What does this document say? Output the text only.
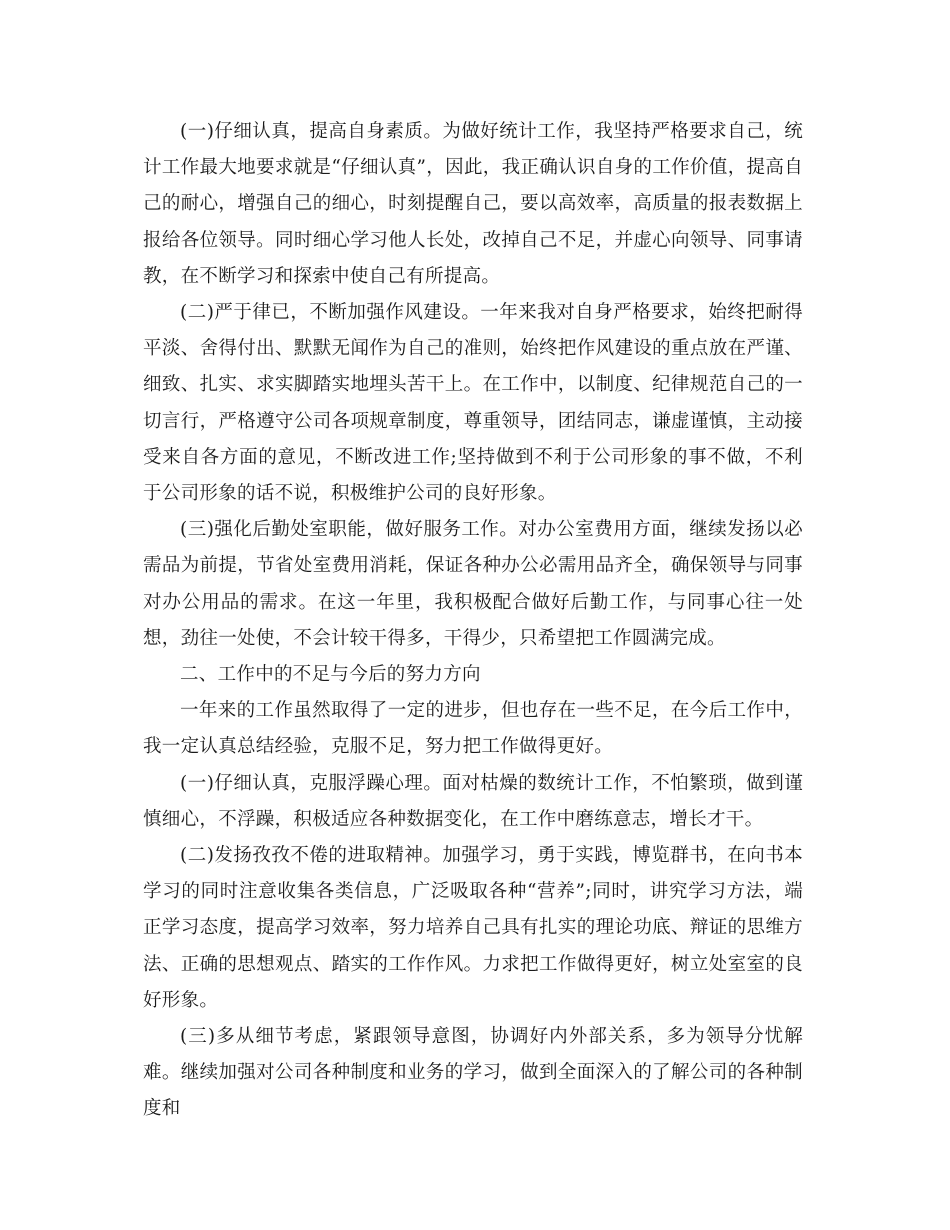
(一)仔细认真，提高自身素质。为做好统计工作，我坚持严格要求自己，统计工作最大地要求就是“仔细认真”，因此，我正确认识自身的工作价值，提高自己的耐心，增强自己的细心，时刻提醒自己，要以高效率，高质量的报表数据上报给各位领导。同时细心学习他人长处，改掉自己不足，并虚心向领导、同事请教，在不断学习和探索中使自己有所提高。

(二)严于律已，不断加强作风建设。一年来我对自身严格要求，始终把耐得平淡、舍得付出、默默无闻作为自己的准则，始终把作风建设的重点放在严谨、细致、扎实、求实脚踏实地埋头苦干上。在工作中，以制度、纪律规范自己的一切言行，严格遵守公司各项规章制度，尊重领导，团结同志，谦虚谨慎，主动接受来自各方面的意见，不断改进工作;坚持做到不利于公司形象的事不做，不利于公司形象的话不说，积极维护公司的良好形象。

(三)强化后勤处室职能，做好服务工作。对办公室费用方面，继续发扬以必需品为前提，节省处室费用消耗，保证各种办公必需用品齐全，确保领导与同事对办公用品的需求。在这一年里，我积极配合做好后勤工作，与同事心往一处想，劲往一处使，不会计较干得多，干得少，只希望把工作圆满完成。

二、工作中的不足与今后的努力方向

一年来的工作虽然取得了一定的进步，但也存在一些不足，在今后工作中，我一定认真总结经验，克服不足，努力把工作做得更好。

(一)仔细认真，克服浮躁心理。面对枯燥的数统计工作，不怕繁琐，做到谨慎细心，不浮躁，积极适应各种数据变化，在工作中磨练意志，增长才干。

(二)发扬孜孜不倦的进取精神。加强学习，勇于实践，博览群书，在向书本学习的同时注意收集各类信息，广泛吸取各种“营养”;同时，讲究学习方法，端正学习态度，提高学习效率，努力培养自己具有扎实的理论功底、辩证的思维方法、正确的思想观点、踏实的工作作风。力求把工作做得更好，树立处室室的良好形象。

(三)多从细节考虑，紧跟领导意图，协调好内外部关系，多为领导分忧解难。继续加强对公司各种制度和业务的学习，做到全面深入的了解公司的各种制度和
